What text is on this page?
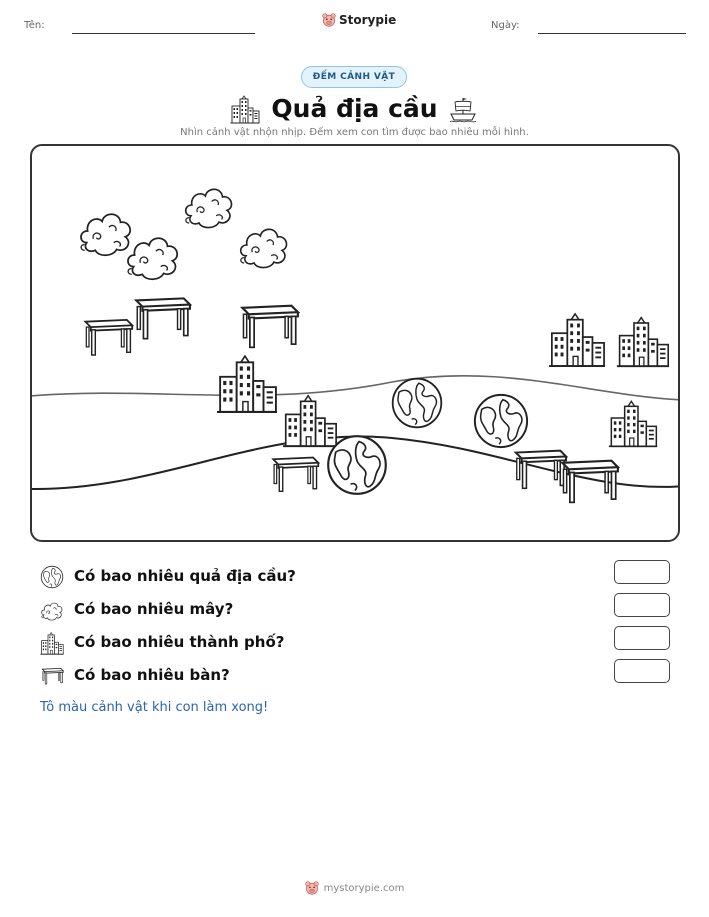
Tên:	Storypie	Ngày:
ĐẾM CẢNH VẬT
Quả địa cầu
Nhìn cảnh vật nhộn nhịp. Đếm xem con tìm được bao nhiêu mỗi hình.
Có bao nhiêu quả địa cầu?
Có bao nhiêu mây?
Có bao nhiêu thành phố?
Có bao nhiêu bàn?
Tô màu cảnh vật khi con làm xong!
mystorypie.com
